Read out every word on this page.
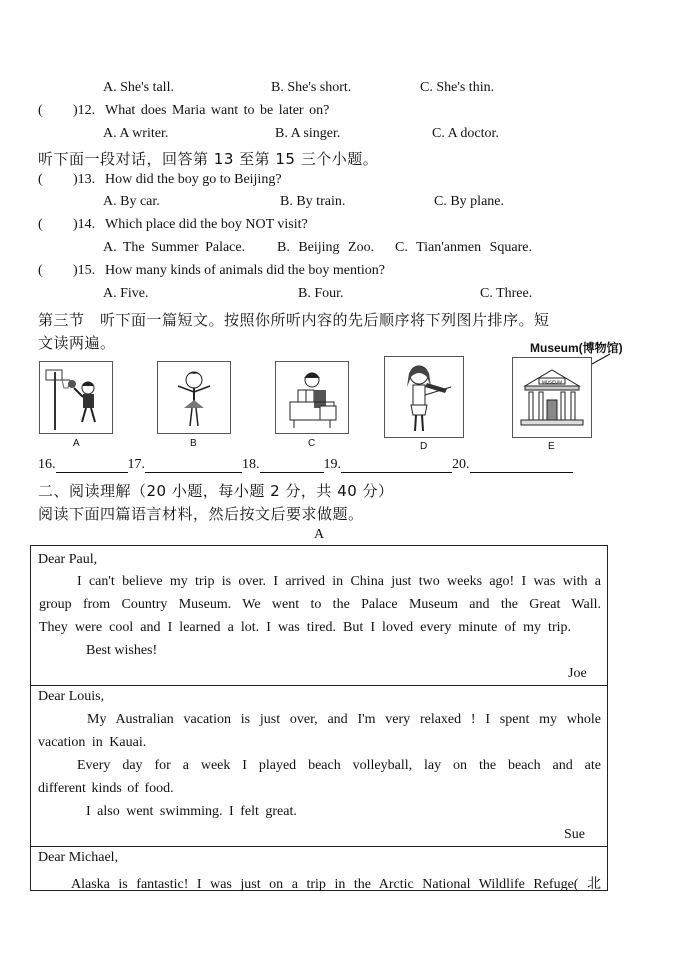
A. She's tall.	B. She's short.	C. She's thin.
( )12. What does Maria want to be later on?
A. A writer.	B. A singer.	C. A doctor.
听下面一段对话，回答第 13 至第 15 三个小题。
( )13. How did the boy go to Beijing?
A. By car.	B. By train.	C. By plane.
( )14. Which place did the boy NOT visit?
A. The Summer Palace. B. Beijing Zoo. C. Tian'anmen Square.
( )15. How many kinds of animals did the boy mention?
A. Five.	B. Four.	C. Three.
第三节　听下面一篇短文。按照你所听内容的先后顺序将下列图片排序。短
文读两遍。	Museum(博物馆)
A	B	C	D
MUSEUM
E
16.	17.	18.	19.	20.
二、阅读理解（20 小题，每小题 2 分，共 40 分）
阅读下面四篇语言材料，然后按文后要求做题。
A
Dear Paul,
I can't believe my trip is over. I arrived in China just two weeks ago! I was with a
group from Country Museum. We went to the Palace Museum and the Great Wall.
They were cool and I learned a lot. I was tired. But I loved every minute of my trip.
Best wishes!
Joe
Dear Louis,
My Australian vacation is just over, and I'm very relaxed ! I spent my whole
vacation in Kauai.
Every day for a week I played beach volleyball, lay on the beach and ate
different kinds of food.
I also went swimming. I felt great.
Sue
Dear Michael,
Alaska is fantastic! I was just on a trip in the Arctic National Wildlife Refuge( 北
